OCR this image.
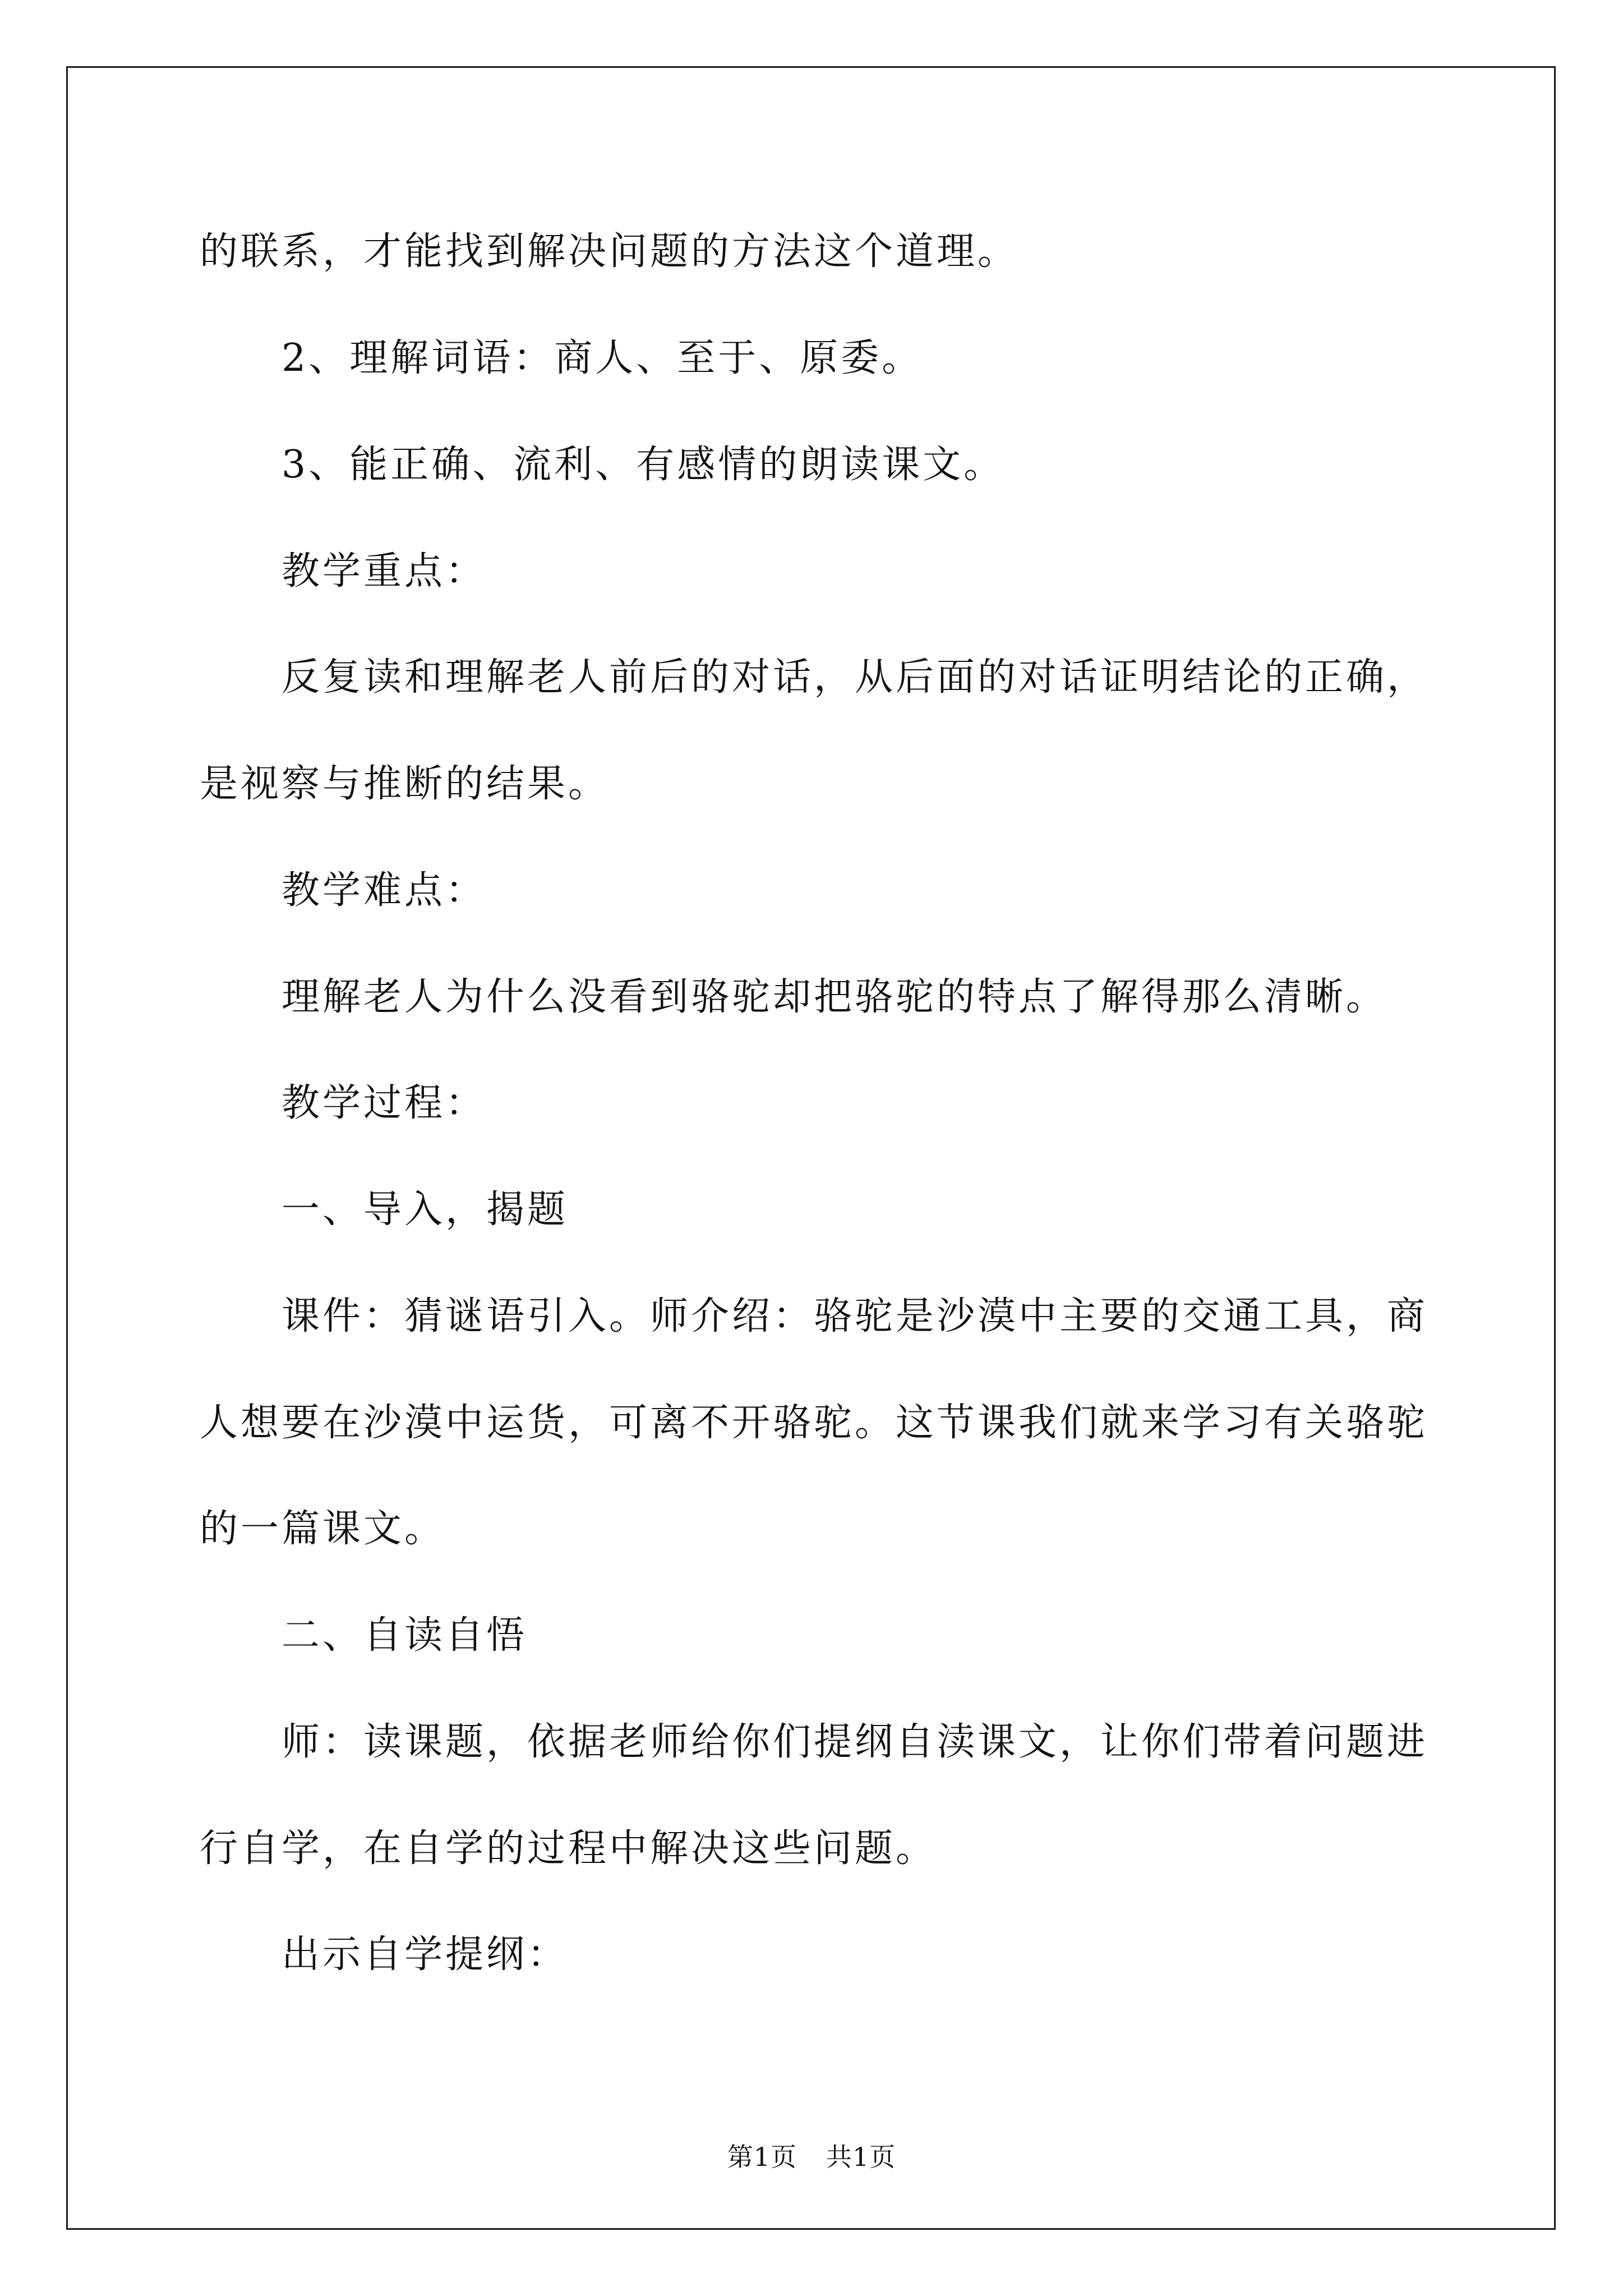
的联系，才能找到解决问题的方法这个道理。
2、理解词语：商人、至于、原委。
3、能正确、流利、有感情的朗读课文。
教学重点：
反复读和理解老人前后的对话，从后面的对话证明结论的正确，
是视察与推断的结果。
教学难点：
理解老人为什么没看到骆驼却把骆驼的特点了解得那么清晰。
教学过程：
一、导入，揭题
课件：猜谜语引入。师介绍：骆驼是沙漠中主要的交通工具，商
人想要在沙漠中运货，可离不开骆驼。这节课我们就来学习有关骆驼
的一篇课文。
二、自读自悟
师：读课题，依据老师给你们提纲自渎课文，让你们带着问题进
行自学，在自学的过程中解决这些问题。
出示自学提纲：
第1页 共1页
